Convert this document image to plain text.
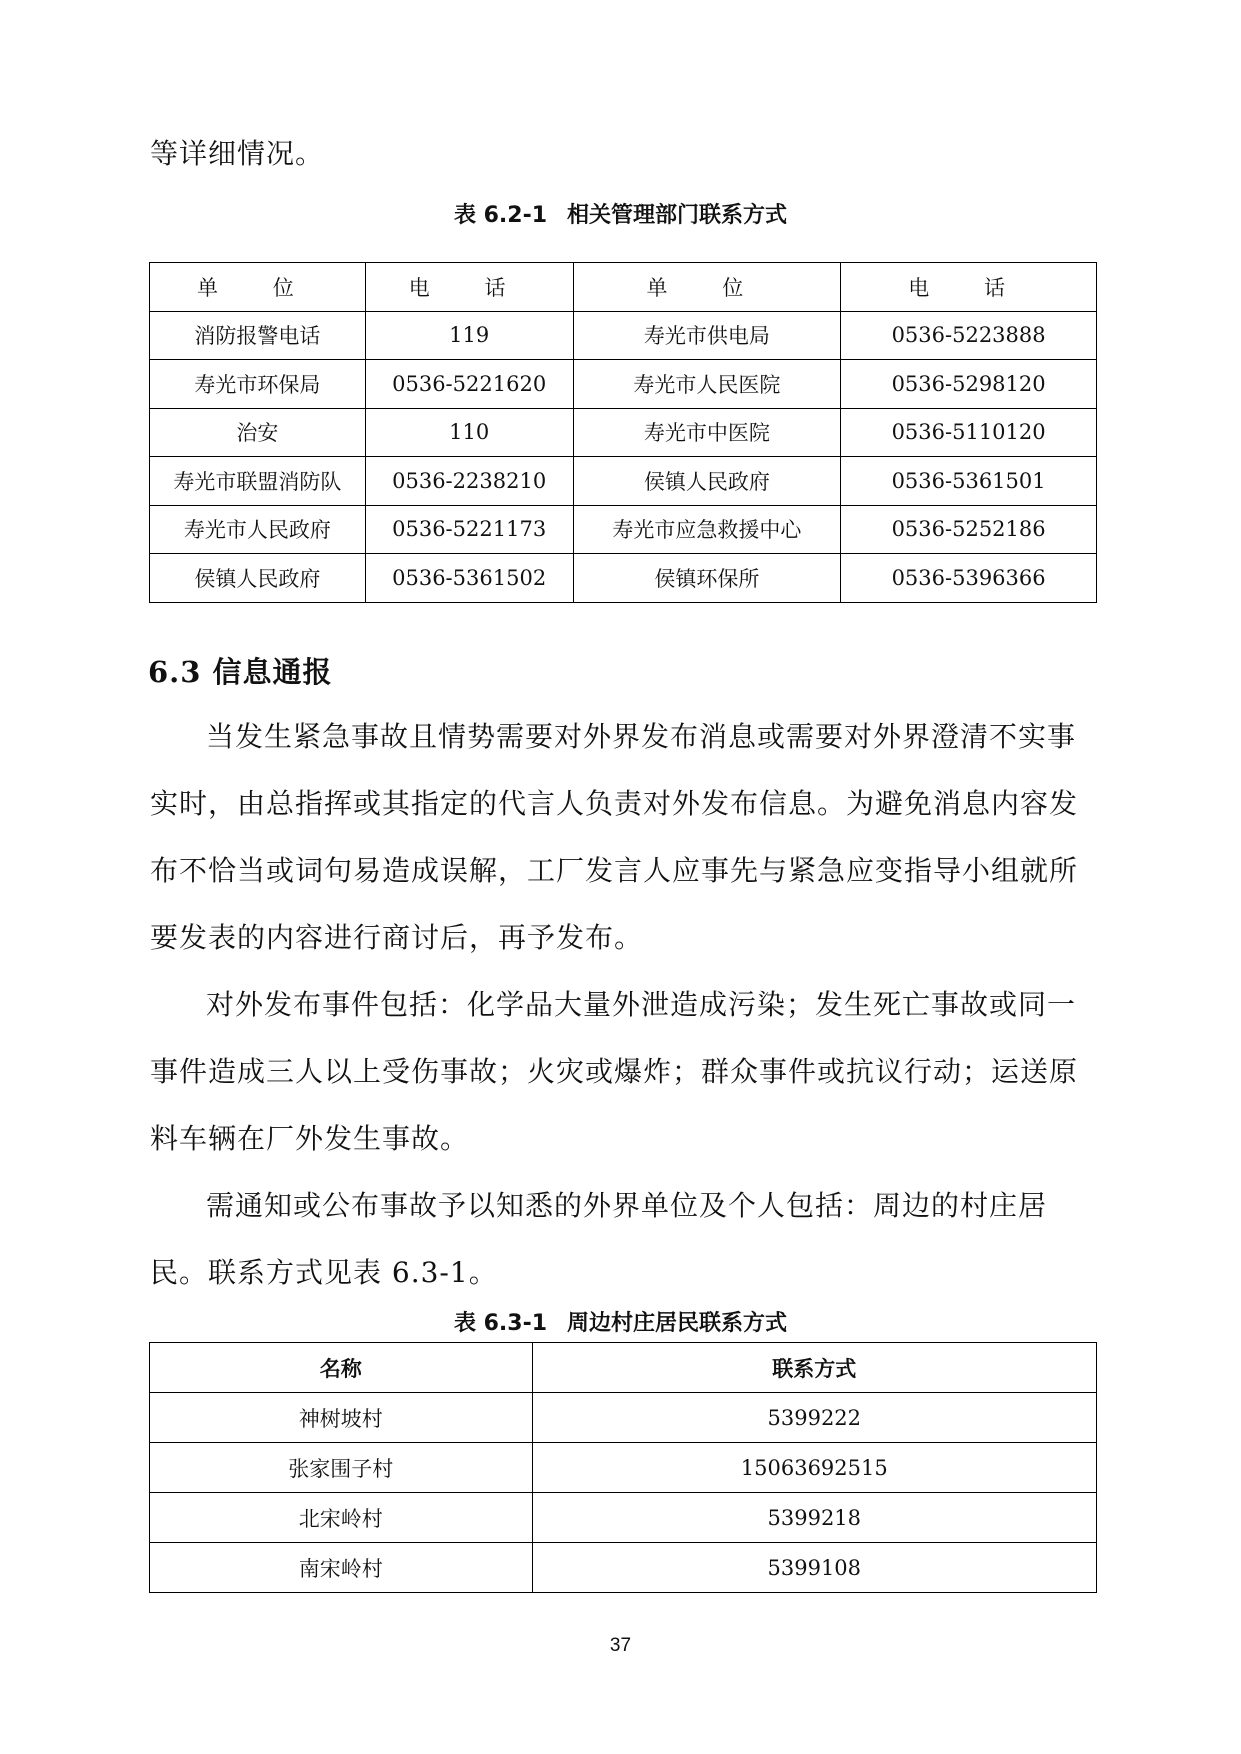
等详细情况。
表 6.2-1 相关管理部门联系方式
单 位	电 话	单 位	电 话
消防报警电话	119	寿光市供电局	0536-5223888
寿光市环保局	0536-5221620	寿光市人民医院	0536-5298120
治安	110	寿光市中医院	0536-5110120
寿光市联盟消防队	0536-2238210	侯镇人民政府	0536-5361501
寿光市人民政府	0536-5221173	寿光市应急救援中心	0536-5252186
侯镇人民政府	0536-5361502	侯镇环保所	0536-5396366
6.3 信息通报
当发生紧急事故且情势需要对外界发布消息或需要对外界澄清不实事实时，由总指挥或其指定的代言人负责对外发布信息。为避免消息内容发布不恰当或词句易造成误解，工厂发言人应事先与紧急应变指导小组就所要发表的内容进行商讨后，再予发布。
对外发布事件包括：化学品大量外泄造成污染；发生死亡事故或同一事件造成三人以上受伤事故；火灾或爆炸；群众事件或抗议行动；运送原料车辆在厂外发生事故。
需通知或公布事故予以知悉的外界单位及个人包括：周边的村庄居民。联系方式见表 6.3-1。
表 6.3-1 周边村庄居民联系方式
名称	联系方式
神树坡村	5399222
张家围子村	15063692515
北宋岭村	5399218
南宋岭村	5399108
37
